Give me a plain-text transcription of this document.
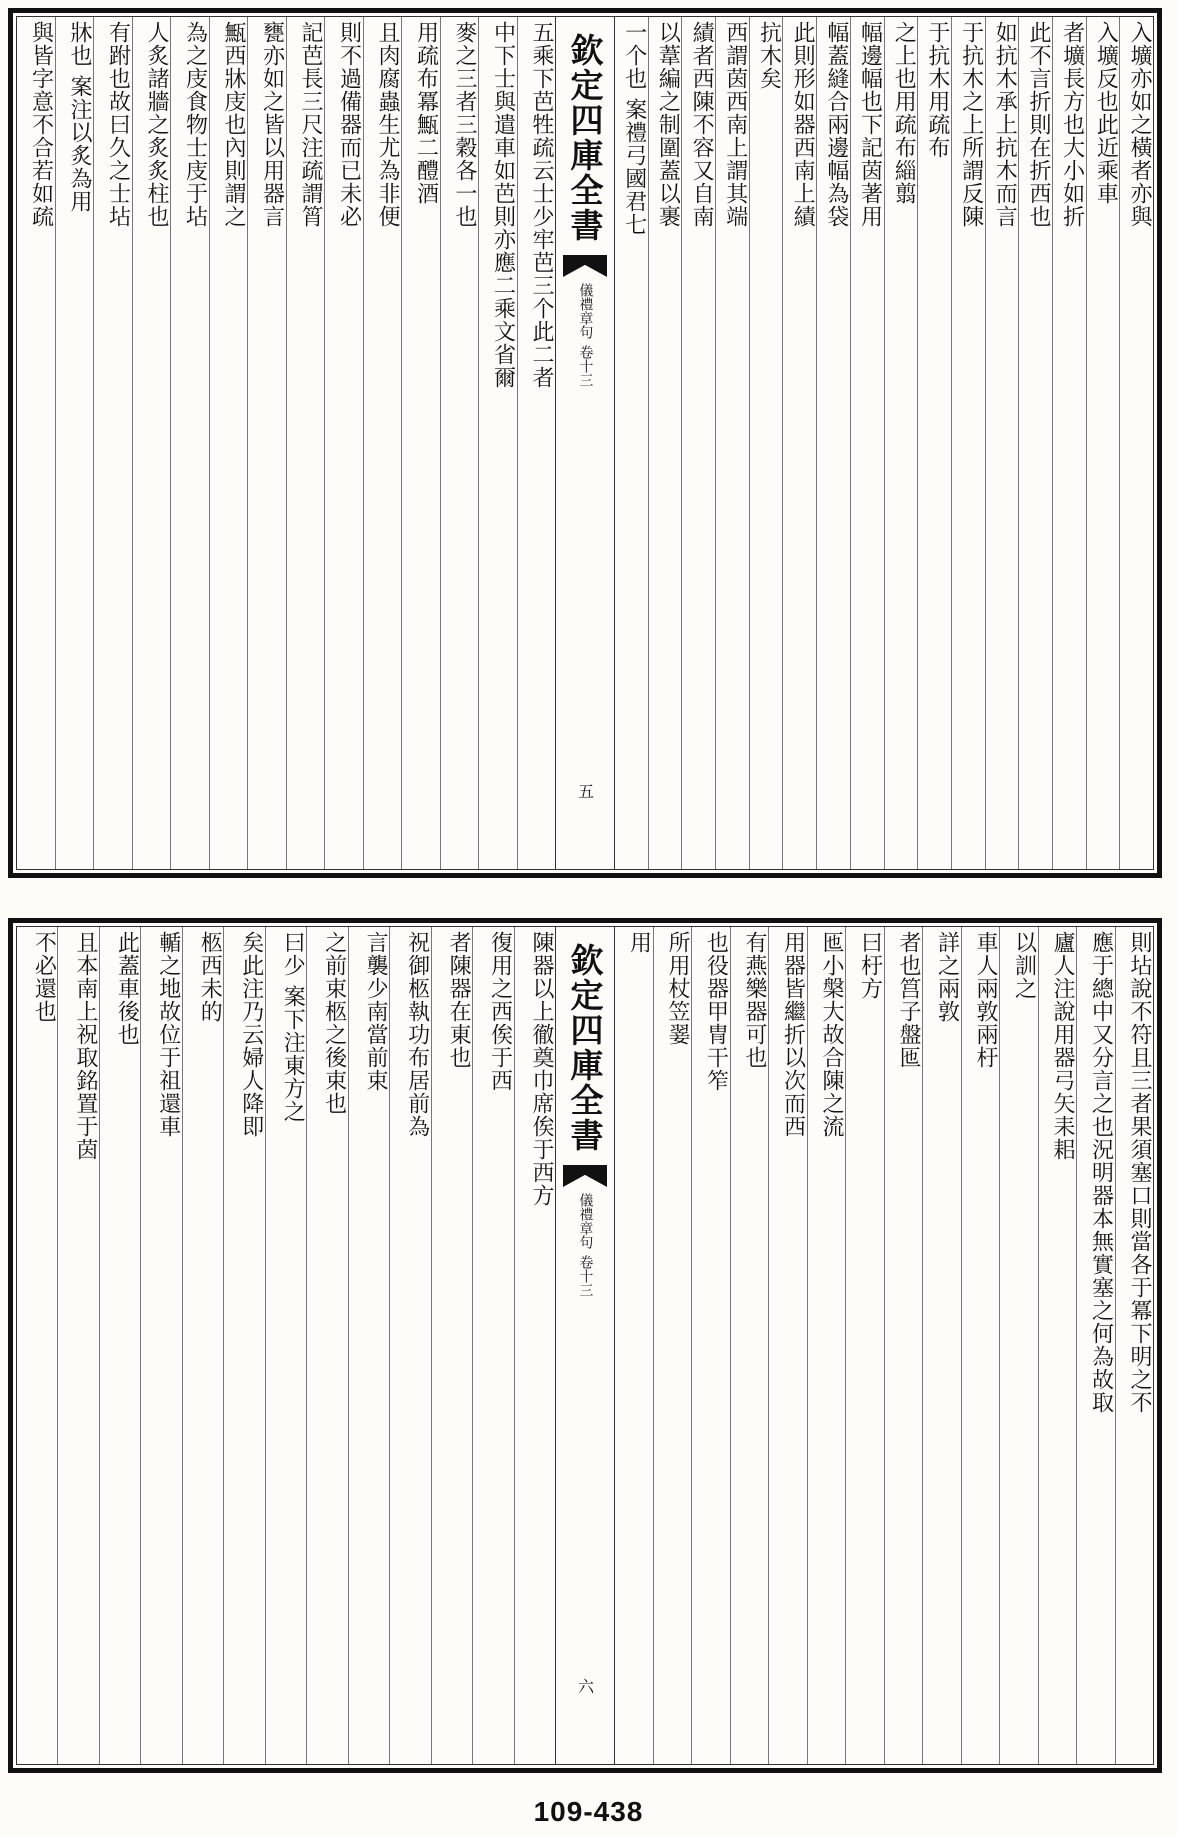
入壙亦如之橫者亦與
入壙反也此近乘車
者壙長方也大小如折
此不言折則在折西也
如抗木承上抗木而言
于抗木之上所謂反陳
于抗木用疏布
之上也用疏布緇翦
幅邊幅也下記茵著用
幅蓋縫合兩邊幅為袋
此則形如器西南上績
抗木矣
西謂茵西南上謂其端
績者西陳不容又自南
以葦編之制圍蓋以裹
一个也 案禮弓國君七
欽定四庫全書
儀禮章句
卷十三
五
五乘下芭牲疏云士少牢芭三个此二者
中下士與遣車如芭則亦應二乘文省爾
麥之三者三穀各一也
用疏布冪甒二醴酒
且肉腐蟲生尤為非便
則不過備器而已未必
記芭長三尺注疏謂筲
甕亦如之皆以用器言
甒西牀庋也內則謂之
為之庋食物士庋于坫
人炙諸牆之炙炙柱也
有跗也故曰久之士坫
牀也 案注以炙為用
與皆字意不合若如疏
則坫說不符且三者果須塞口則當各于冪下明之不
應于總中又分言之也況明器本無實塞之何為故取
廬人注說用器弓矢耒耜
以訓之
車人兩敦兩杅
詳之兩敦
者也筥子盤匜
曰杅方
匜小槃大故合陳之流
用器皆繼折以次而西
有燕樂器可也
也役器甲冑干笮
所用杖笠翣
用
欽定四庫全書
儀禮章句
卷十三
六
陳器以上徹奠巾席俟于西方
復用之西俟于西
者陳器在東也
祝御柩執功布居前為
言襲少南當前束
之前束柩之後束也
曰少 案下注東方之
矣此注乃云婦人降即
柩西未的
輴之地故位于祖還車
此蓋車後也
且本南上祝取銘置于茵
不必還也
109-438
